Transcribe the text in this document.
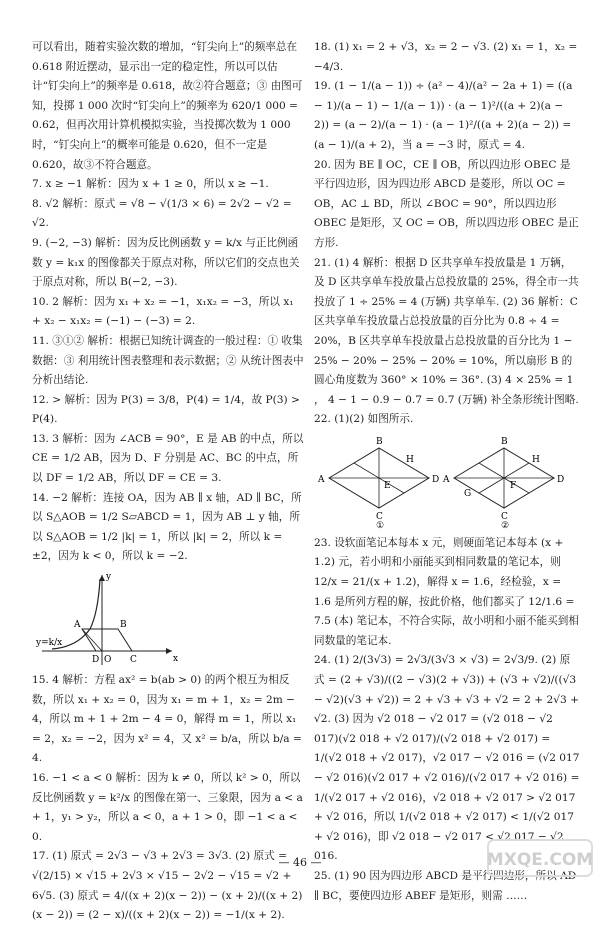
可以看出，随着实验次数的增加，“钉尖向上”的频率总在 0.618 附近摆动，显示出一定的稳定性，所以可以估计“钉尖向上”的频率是 0.618，故②符合题意；③ 由图可知，投掷 1 000 次时“钉尖向上”的频率为 620/1 000 = 0.62，但再次用计算机模拟实验，当投掷次数为 1 000 时，“钉尖向上”的概率可能是 0.620，但不一定是 0.620，故③不符合题意。
7. x ≥ −1 解析：因为 x + 1 ≥ 0，所以 x ≥ −1.
8. √2 解析：原式 = √8 − √(1/3 × 6) = 2√2 − √2 = √2.
9. (−2, −3) 解析：因为反比例函数 y = k/x 与正比例函数 y = k₁x 的图像都关于原点对称，所以它们的交点也关于原点对称，所以 B(−2, −3).
10. 2 解析：因为 x₁ + x₂ = −1，x₁x₂ = −3，所以 x₁ + x₂ − x₁x₂ = (−1) − (−3) = 2.
11. ③①② 解析：根据已知统计调查的一般过程：① 收集数据：③ 利用统计图表整理和表示数据；② 从统计图表中分析出结论.
12. > 解析：因为 P(3) = 3/8，P(4) = 1/4，故 P(3) > P(4).
13. 3 解析：因为 ∠ACB = 90°，E 是 AB 的中点，所以 CE = 1/2 AB，因为 D、F 分别是 AC、BC 的中点，所以 DF = 1/2 AB，所以 DF = CE = 3.
14. −2 解析：连接 OA，因为 AB ∥ x 轴，AD ∥ BC，所以 S△AOB = 1/2 S▱ABCD = 1，因为 AB ⊥ y 轴，所以 S△AOB = 1/2 |k| = 1，所以 |k| = 2，所以 k = ±2，因为 k < 0，所以 k = −2.
A	B
D O C	x
y
y=k/x
15. 4 解析：方程 ax² = b(ab > 0) 的两个根互为相反数，所以 x₁ + x₂ = 0，因为 x₁ = m + 1，x₂ = 2m − 4，所以 m + 1 + 2m − 4 = 0，解得 m = 1，所以 x₁ = 2，x₂ = −2，因为 x² = 4，又 x² = b/a，所以 b/a = 4.
16. −1 < a < 0 解析：因为 k ≠ 0，所以 k² > 0，所以反比例函数 y = k²/x 的图像在第一、三象限，因为 a < a + 1，y₁ > y₂，所以 a < 0，a + 1 > 0，即 −1 < a < 0.
17. (1) 原式 = 2√3 − √3 + 2√3 = 3√3. (2) 原式 = √(2/15) × √15 + 2√3 × √15 − 2√2 − √15 = √2 + 6√5. (3) 原式 = 4/((x + 2)(x − 2)) − (x + 2)/((x + 2)(x − 2)) = (2 − x)/((x + 2)(x − 2)) = −1/(x + 2).
18. (1) x₁ = 2 + √3，x₂ = 2 − √3. (2) x₁ = 1，x₂ = −4/3.
19. (1 − 1/(a − 1)) ÷ (a² − 4)/(a² − 2a + 1) = ((a − 1)/(a − 1) − 1/(a − 1)) · (a − 1)²/((a + 2)(a − 2)) = (a − 2)/(a − 1) · (a − 1)²/((a + 2)(a − 2)) = (a − 1)/(a + 2)，当 a = −3 时，原式 = 4.
20. 因为 BE ∥ OC，CE ∥ OB，所以四边形 OBEC 是平行四边形，因为四边形 ABCD 是菱形，所以 OC = OB，AC ⊥ BD，所以 ∠BOC = 90°，所以四边形 OBEC 是矩形，又 OC = OB，所以四边形 OBEC 是正方形.
21. (1) 4 解析：根据 D 区共享单车投放量是 1 万辆，及 D 区共享单车投放量占总投放量的 25%，得全市一共投放了 1 ÷ 25% = 4 (万辆) 共享单车. (2) 36 解析：C 区共享单车投放量占总投放量的百分比为 0.8 ÷ 4 = 20%，B 区共享单车投放量占总投放量的百分比为 1 − 25% − 20% − 25% − 20% = 10%，所以扇形 B 的圆心角度数为 360° × 10% = 36°. (3) 4 × 25% = 1 ， 4 − 1 − 0.9 − 0.7 = 0.7 (万辆) 补全条形统计图略.
22. (1)(2) 如图所示.
A
B
D
C
H
E
①
A
B
D
C
H
F
G
②
23. 设软面笔记本每本 x 元，则硬面笔记本每本 (x + 1.2) 元，若小明和小丽能买到相同数量的笔记本，则 12/x = 21/(x + 1.2)，解得 x = 1.6，经检验，x = 1.6 是所列方程的解，按此价格，他们都买了 12/1.6 = 7.5 (本) 笔记本，不符合实际，故小明和小丽不能买到相同数量的笔记本.
24. (1) 2/(3√3) = 2√3/(3√3 × √3) = 2√3/9. (2) 原式 = (2 + √3)/((2 − √3)(2 + √3)) + (√3 + √2)/((√3 − √2)(√3 + √2)) = 2 + √3 + √3 + √2 = 2 + 2√3 + √2. (3) 因为 √2 018 − √2 017 = (√2 018 − √2 017)(√2 018 + √2 017)/(√2 018 + √2 017) = 1/(√2 018 + √2 017)，√2 017 − √2 016 = (√2 017 − √2 016)(√2 017 + √2 016)/(√2 017 + √2 016) = 1/(√2 017 + √2 016)，√2 018 + √2 017 > √2 017 + √2 016，所以 1/(√2 018 + √2 017) < 1/(√2 017 + √2 016)，即 √2 018 − √2 017 < √2 017 − √2 016.
25. (1) 90 因为四边形 ABCD 是平行四边形，所以 AD ∥ BC，要使四边形 ABEF 是矩形，则需 ……
— 46 —	MXQE.COM
